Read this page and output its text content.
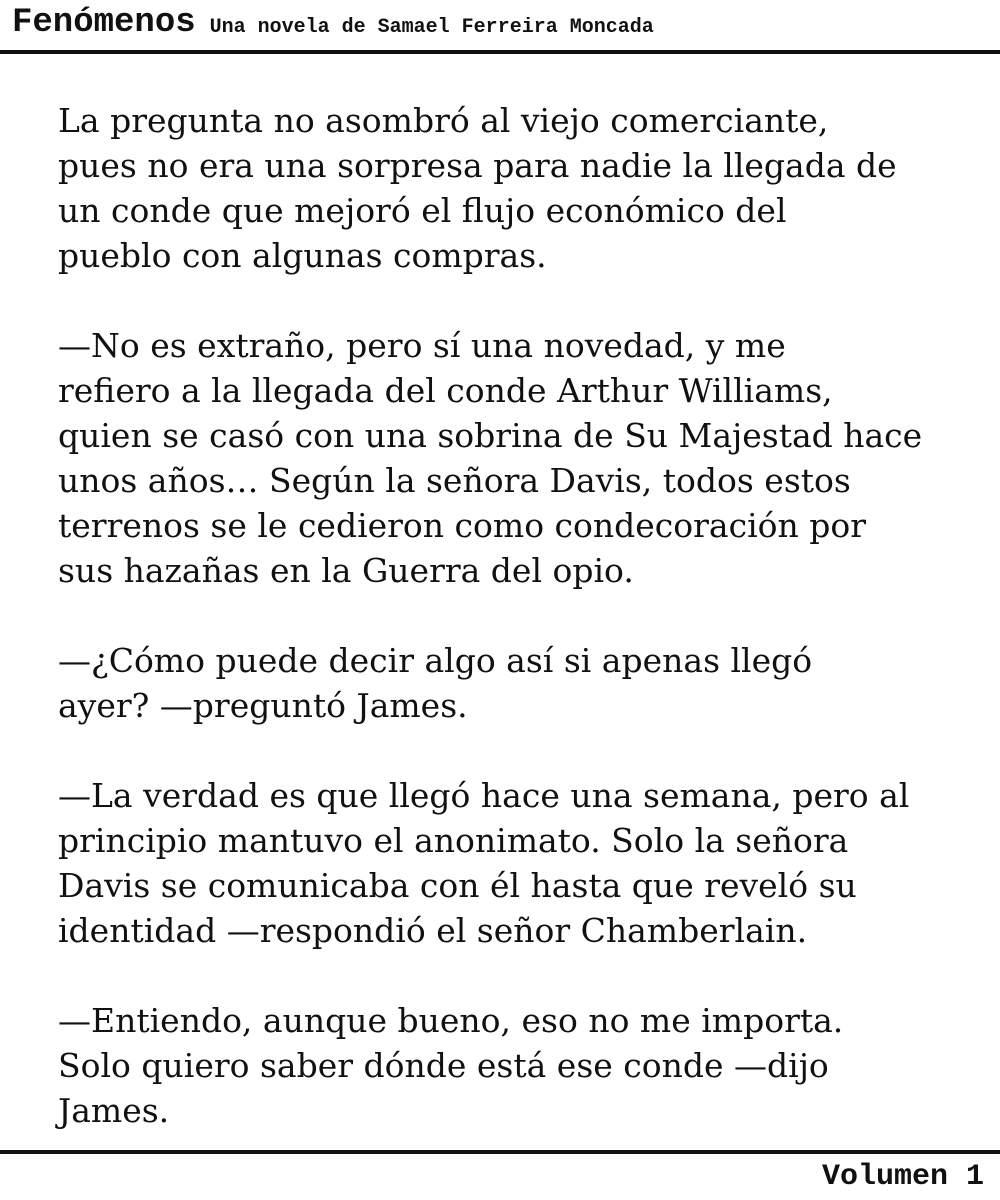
Fenómenos Una novela de Samael Ferreira Moncada

La pregunta no asombró al viejo comerciante,
pues no era una sorpresa para nadie la llegada de
un conde que mejoró el flujo económico del
pueblo con algunas compras.

—No es extraño, pero sí una novedad, y me
refiero a la llegada del conde Arthur Williams,
quien se casó con una sobrina de Su Majestad hace
unos años… Según la señora Davis, todos estos
terrenos se le cedieron como condecoración por
sus hazañas en la Guerra del opio.

—¿Cómo puede decir algo así si apenas llegó
ayer? —preguntó James.

—La verdad es que llegó hace una semana, pero al
principio mantuvo el anonimato. Solo la señora
Davis se comunicaba con él hasta que reveló su
identidad —respondió el señor Chamberlain.

—Entiendo, aunque bueno, eso no me importa.
Solo quiero saber dónde está ese conde —dijo
James.

Volumen 1
